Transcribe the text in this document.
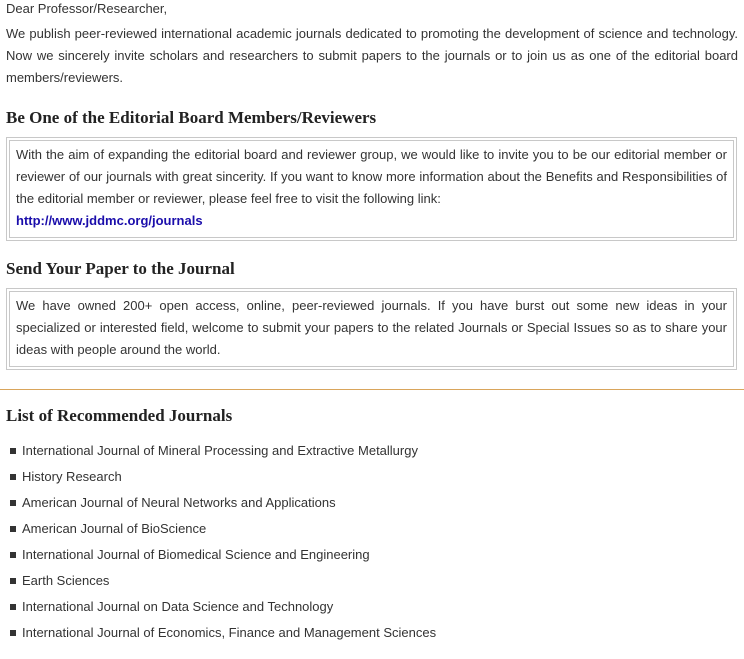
Dear Professor/Researcher,

We publish peer-reviewed international academic journals dedicated to promoting the development of science and technology. Now we sincerely invite scholars and researchers to submit papers to the journals or to join us as one of the editorial board members/reviewers.

Be One of the Editorial Board Members/Reviewers

With the aim of expanding the editorial board and reviewer group, we would like to invite you to be our editorial member or reviewer of our journals with great sincerity. If you want to know more information about the Benefits and Responsibilities of the editorial member or reviewer, please feel free to visit the following link:

http://www.jddmc.org/journals
Send Your Paper to the Journal

We have owned 200+ open access, online, peer-reviewed journals. If you have burst out some new ideas in your specialized or interested field, welcome to submit your papers to the related Journals or Special Issues so as to share your ideas with people around the world.

List of Recommended Journals
International Journal of Mineral Processing and Extractive Metallurgy
History Research
American Journal of Neural Networks and Applications
American Journal of BioScience
International Journal of Biomedical Science and Engineering
Earth Sciences
International Journal on Data Science and Technology
International Journal of Economics, Finance and Management Sciences
